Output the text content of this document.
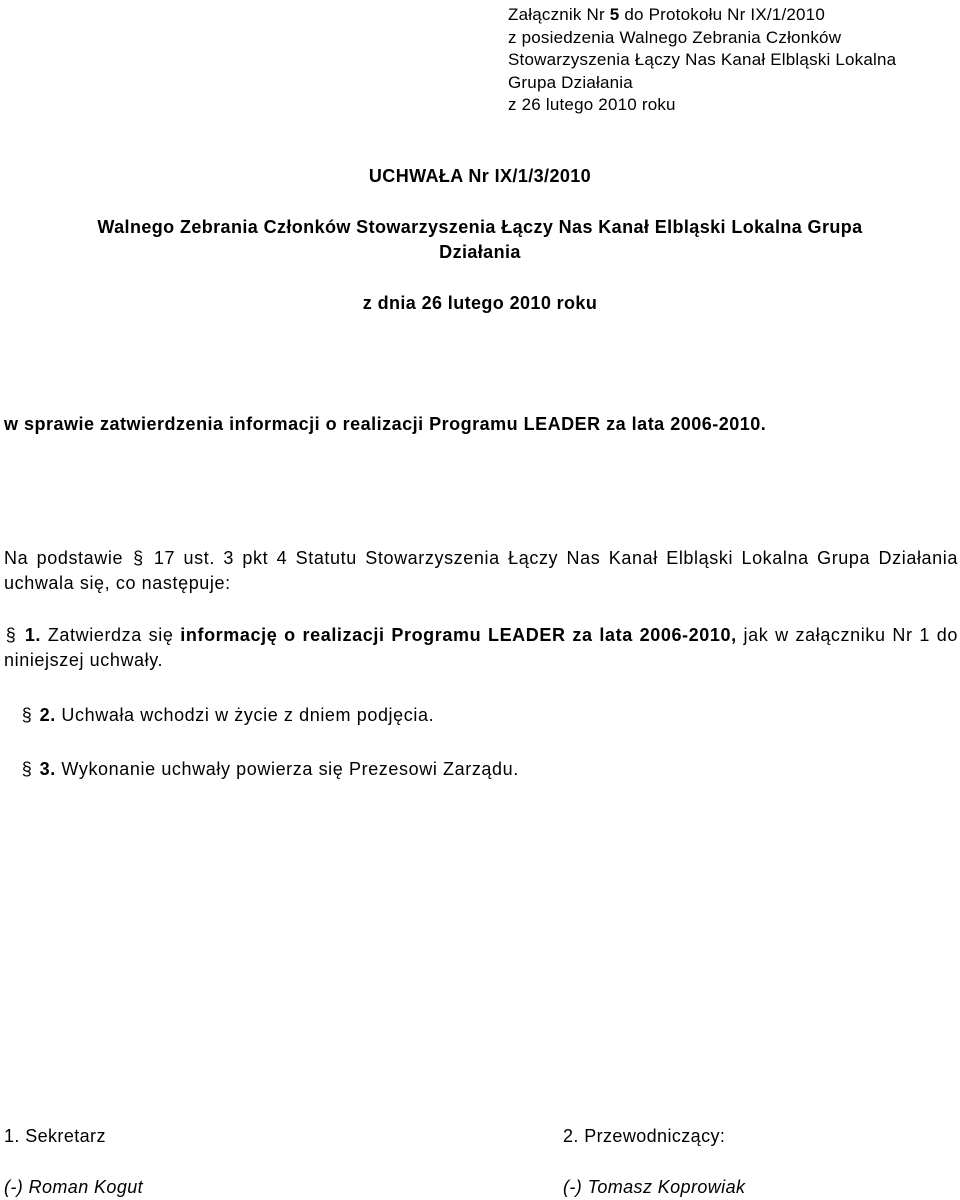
Załącznik Nr 5 do Protokołu Nr IX/1/2010
z posiedzenia Walnego Zebrania Członków
Stowarzyszenia Łączy Nas Kanał Elbląski Lokalna
Grupa Działania
z 26 lutego 2010 roku
UCHWAŁA Nr IX/1/3/2010
Walnego Zebrania Członków Stowarzyszenia Łączy Nas Kanał Elbląski Lokalna Grupa
Działania
z dnia 26 lutego 2010 roku
w sprawie zatwierdzenia informacji o realizacji Programu LEADER za lata 2006-2010.
Na podstawie § 17 ust. 3 pkt 4 Statutu Stowarzyszenia Łączy Nas Kanał Elbląski Lokalna Grupa Działania uchwala się, co następuje:
§ 1. Zatwierdza się informację o realizacji Programu LEADER za lata 2006-2010, jak w załączniku Nr 1 do niniejszej uchwały.
§ 2. Uchwała wchodzi w życie z dniem podjęcia.
§ 3. Wykonanie uchwały powierza się Prezesowi Zarządu.
1. Sekretarz
(-) Roman Kogut
2. Przewodniczący:
(-) Tomasz Koprowiak
